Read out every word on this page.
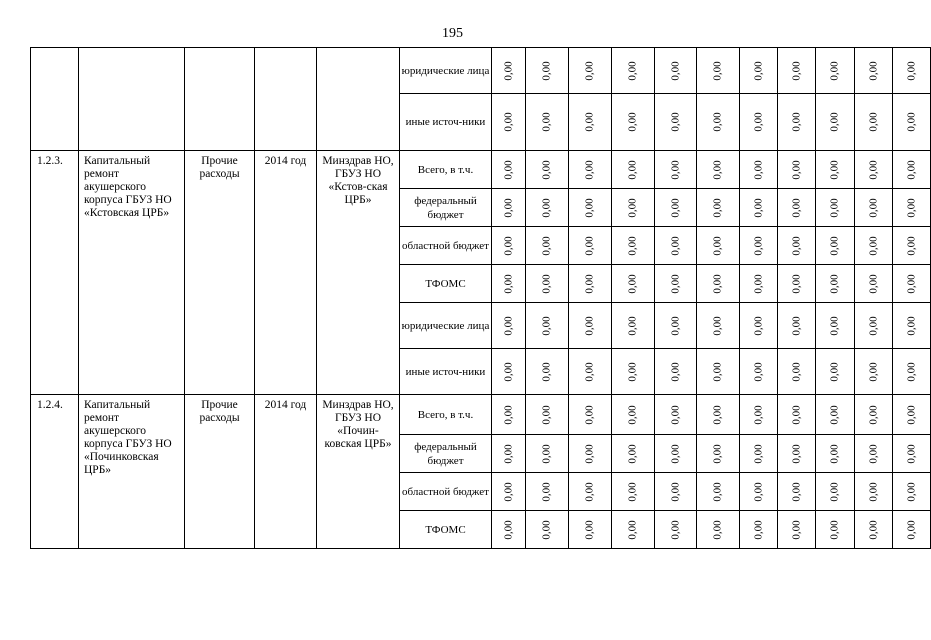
195
					юридические лица	0,00	0,00	0,00	0,00	0,00	0,00	0,00	0,00	0,00	0,00	0,00
					иные источ-ники	0,00	0,00	0,00	0,00	0,00	0,00	0,00	0,00	0,00	0,00	0,00
1.2.3.	Капитальный ремонт акушерского корпуса ГБУЗ НО «Кстовская ЦРБ»	Прочие расходы	2014 год	Минздрав НО, ГБУЗ НО «Кстов-ская ЦРБ»	Всего, в т.ч.	0,00	0,00	0,00	0,00	0,00	0,00	0,00	0,00	0,00	0,00	0,00
					федеральный бюджет	0,00	0,00	0,00	0,00	0,00	0,00	0,00	0,00	0,00	0,00	0,00
					областной бюджет	0,00	0,00	0,00	0,00	0,00	0,00	0,00	0,00	0,00	0,00	0,00
					ТФОМС	0,00	0,00	0,00	0,00	0,00	0,00	0,00	0,00	0,00	0,00	0,00
					юридические лица	0,00	0,00	0,00	0,00	0,00	0,00	0,00	0,00	0,00	0,00	0,00
					иные источ-ники	0,00	0,00	0,00	0,00	0,00	0,00	0,00	0,00	0,00	0,00	0,00
1.2.4.	Капитальный ремонт акушерского корпуса ГБУЗ НО «Починковская ЦРБ»	Прочие расходы	2014 год	Минздрав НО, ГБУЗ НО «Почин-ковская ЦРБ»	Всего, в т.ч.	0,00	0,00	0,00	0,00	0,00	0,00	0,00	0,00	0,00	0,00	0,00
					федеральный бюджет	0,00	0,00	0,00	0,00	0,00	0,00	0,00	0,00	0,00	0,00	0,00
					областной бюджет	0,00	0,00	0,00	0,00	0,00	0,00	0,00	0,00	0,00	0,00	0,00
					ТФОМС	0,00	0,00	0,00	0,00	0,00	0,00	0,00	0,00	0,00	0,00	0,00
